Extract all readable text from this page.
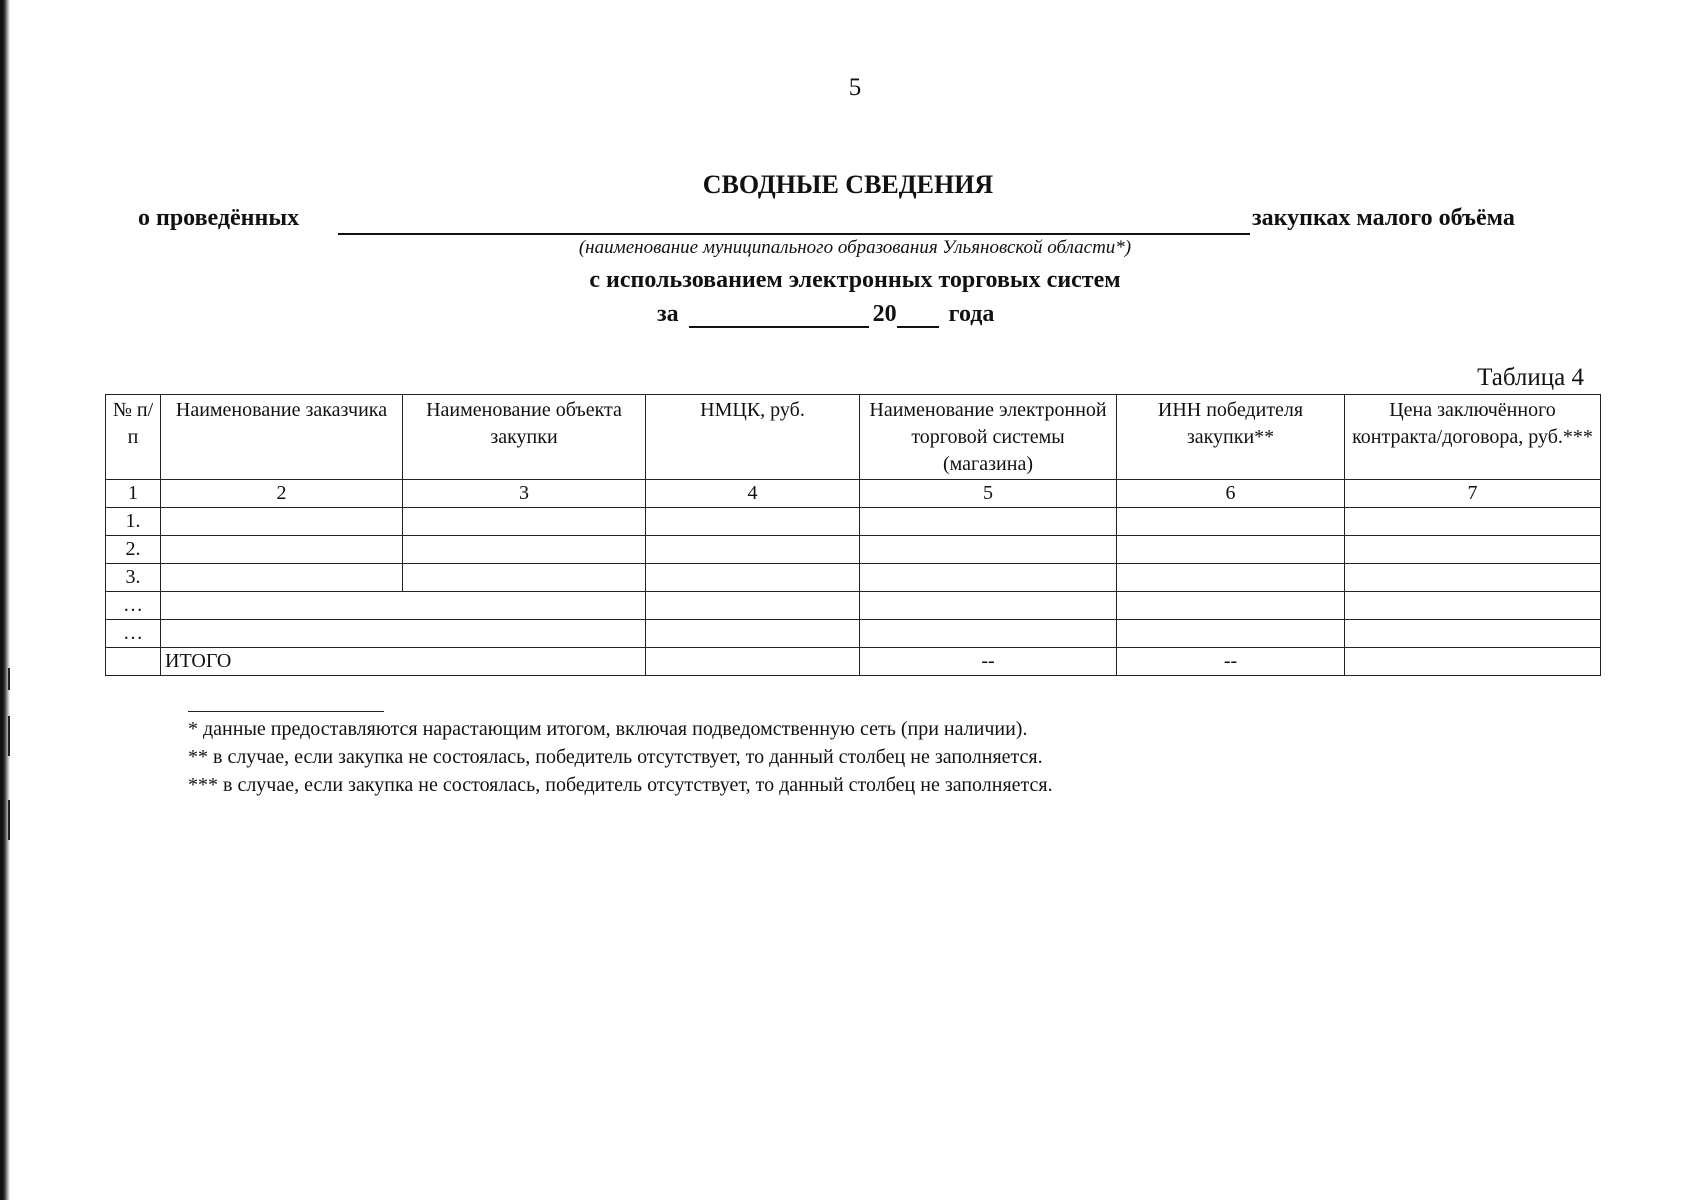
5
СВОДНЫЕ СВЕДЕНИЯ
о проведённых	закупках малого объёма
(наименование муниципального образования Ульяновской области*)
с использованием электронных торговых систем
за	20 года
Таблица 4
№ п/п	Наименование заказчика	Наименование объекта закупки	НМЦК, руб.	Наименование электронной торговой системы (магазина)	ИНН победителя закупки**	Цена заключённого контракта/договора, руб.***
1	2	3	4	5	6	7
1.						
2.						
3.						
…						
…						
	ИТОГО			--	--	
* данные предоставляются нарастающим итогом, включая подведомственную сеть (при наличии).
** в случае, если закупка не состоялась, победитель отсутствует, то данный столбец не заполняется.
*** в случае, если закупка не состоялась, победитель отсутствует, то данный столбец не заполняется.
